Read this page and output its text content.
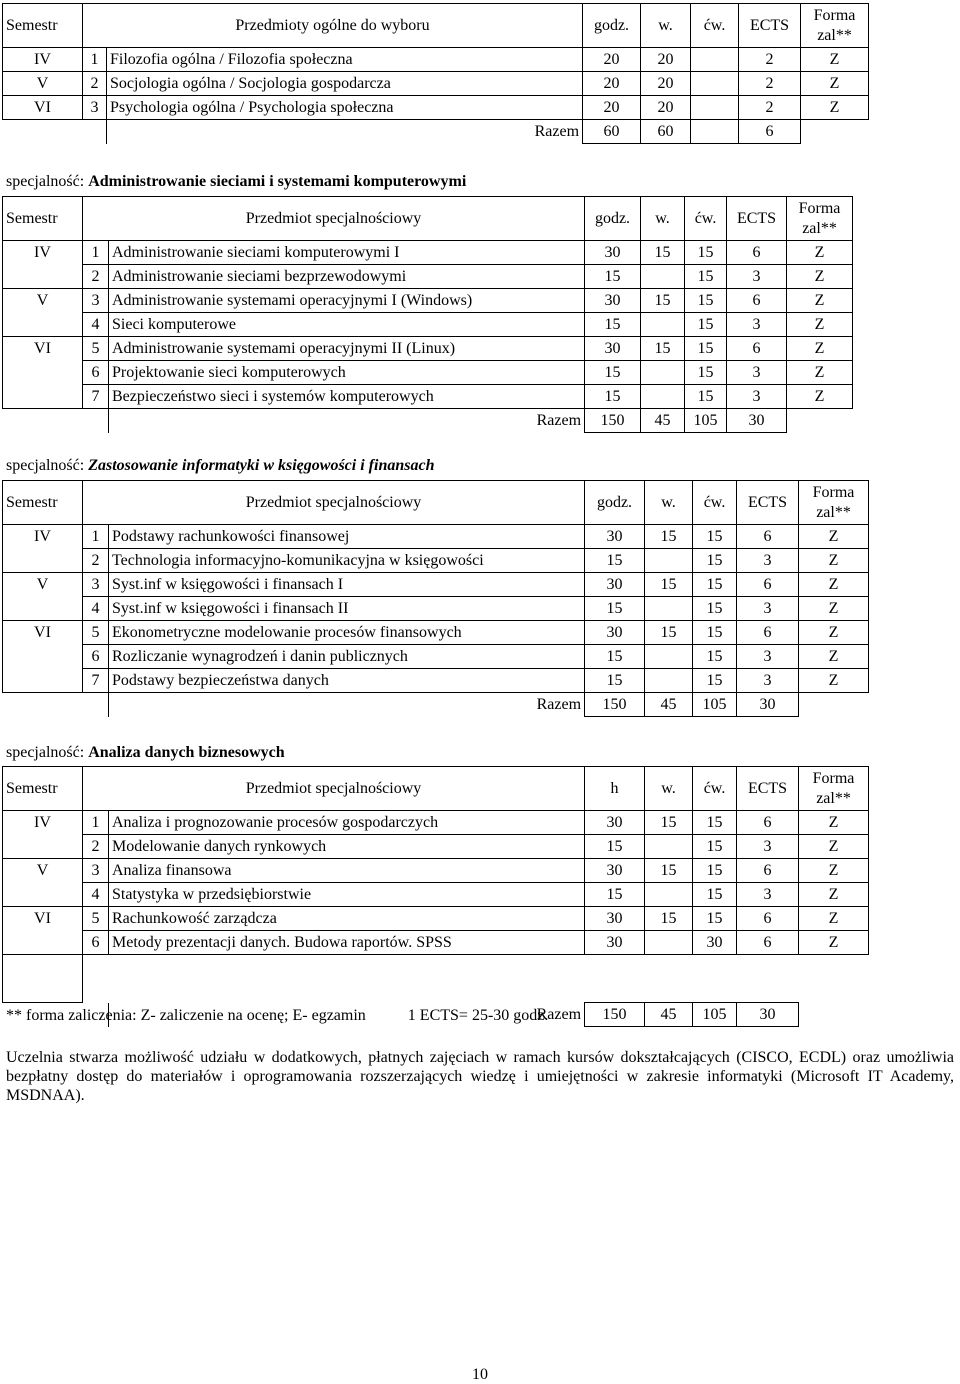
Semestr	Przedmioty ogólne do wyboru		godz.	w.	ćw.	ECTS	Forma
zal**
IV	1	Filozofia ogólna / Filozofia społeczna	20	20		2	Z
V	2	Socjologia ogólna / Socjologia gospodarcza	20	20		2	Z
VI	3	Psychologia ogólna / Psychologia społeczna	20	20		2	Z
		Razem	60	60		6	
specjalność: Administrowanie sieciami i systemami komputerowymi
Semestr	Przedmiot specjalnościowy		godz.	w.	ćw.	ECTS	Forma
zal**
IV	1	Administrowanie sieciami komputerowymi I	30	15	15	6	Z
	2	Administrowanie sieciami bezprzewodowymi	15		15	3	Z
V	3	Administrowanie systemami operacyjnymi I (Windows)	30	15	15	6	Z
	4	Sieci komputerowe	15		15	3	Z
VI	5	Administrowanie systemami operacyjnymi II (Linux)	30	15	15	6	Z
	6	Projektowanie sieci komputerowych	15		15	3	Z
	7	Bezpieczeństwo sieci i systemów komputerowych	15		15	3	Z
		Razem	150	45	105	30	
specjalność: Zastosowanie informatyki w księgowości i finansach
Semestr	Przedmiot specjalnościowy		godz.	w.	ćw.	ECTS	Forma
zal**
IV	1	Podstawy rachunkowości finansowej	30	15	15	6	Z
	2	Technologia informacyjno-komunikacyjna w księgowości	15		15	3	Z
V	3	Syst.inf w księgowości i finansach I	30	15	15	6	Z
	4	Syst.inf w księgowości i finansach II	15		15	3	Z
VI	5	Ekonometryczne modelowanie procesów finansowych	30	15	15	6	Z
	6	Rozliczanie wynagrodzeń i danin publicznych	15		15	3	Z
	7	Podstawy bezpieczeństwa danych	15		15	3	Z
		Razem	150	45	105	30	
specjalność: Analiza danych biznesowych
Semestr	Przedmiot specjalnościowy		h	w.	ćw.	ECTS	Forma
zal**
IV	1	Analiza i prognozowanie procesów gospodarczych	30	15	15	6	Z
	2	Modelowanie danych rynkowych	15		15	3	Z
V	3	Analiza finansowa	30	15	15	6	Z
	4	Statystyka w przedsiębiorstwie	15		15	3	Z
VI	5	Rachunkowość zarządcza	30	15	15	6	Z
	6	Metody prezentacji danych. Budowa raportów. SPSS	30		30	6	Z

		Razem	150	45	105	30	
** forma zaliczenia: Z- zaliczenie na ocenę; E- egzamin	1 ECTS= 25-30 godz.
Uczelnia stwarza możliwość udziału w dodatkowych, płatnych zajęciach w ramach kursów dokształcających (CISCO, ECDL) oraz umożliwia bezpłatny dostęp do materiałów i oprogramowania rozszerzających wiedzę i umiejętności w zakresie informatyki (Microsoft IT Academy, MSDNAA).
10
